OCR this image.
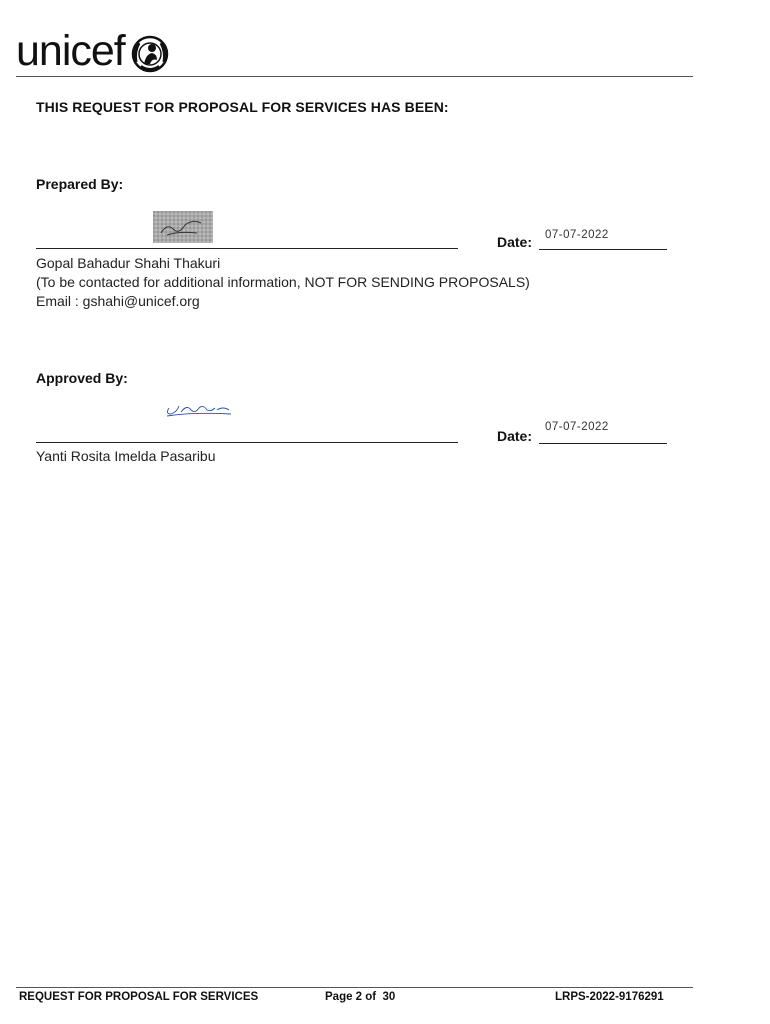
unicef
THIS REQUEST FOR PROPOSAL FOR SERVICES HAS BEEN:
Prepared By:
Date: 07-07-2022
Gopal Bahadur Shahi Thakuri
(To be contacted for additional information, NOT FOR SENDING PROPOSALS)
Email : gshahi@unicef.org
Approved By:
Date:
07-07-2022
Yanti Rosita Imelda Pasaribu
REQUEST FOR PROPOSAL FOR SERVICES	Page 2 of  30	LRPS-2022-9176291
